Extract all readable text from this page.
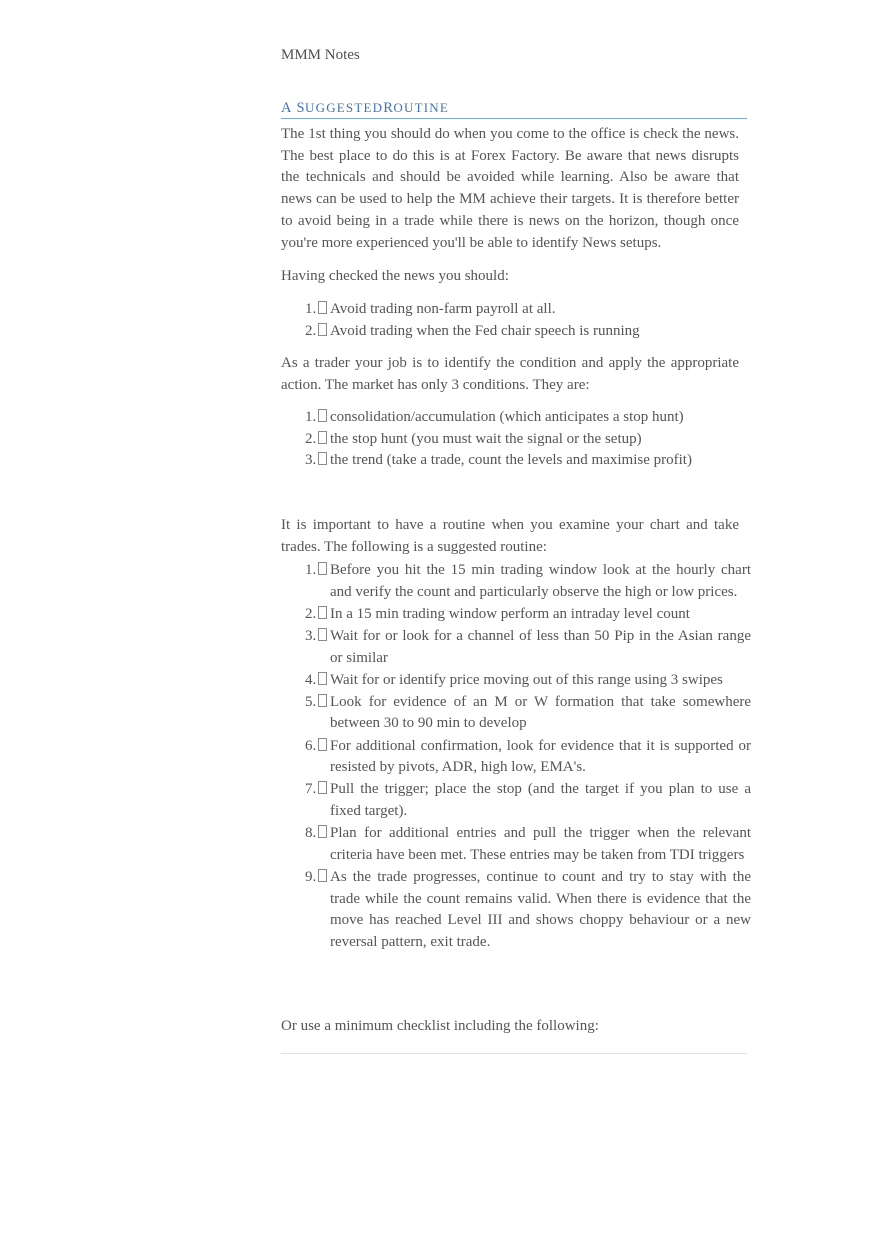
MMM Notes
A SUGGESTEDROUTINE

The 1st thing you should do when you come to the office is check the news. The best place to do this is at Forex Factory. Be aware that news disrupts the technicals and should be avoided while learning. Also be aware that news can be used to help the MM achieve their targets. It is therefore better to avoid being in a trade while there is news on the horizon, though once you're more experienced you'll be able to identify News setups.

Having checked the news you should:

1. Avoid trading non-farm payroll at all.
2. Avoid trading when the Fed chair speech is running

As a trader your job is to identify the condition and apply the appropriate action. The market has only 3 conditions. They are:

1. consolidation/accumulation (which anticipates a stop hunt)
2. the stop hunt (you must wait the signal or the setup)
3. the trend (take a trade, count the levels and maximise profit)

It is important to have a routine when you examine your chart and take trades. The following is a suggested routine:

1. Before you hit the 15 min trading window look at the hourly chart and verify the count and particularly observe the high or low prices.
2. In a 15 min trading window perform an intraday level count
3. Wait for or look for a channel of less than 50 Pip in the Asian range or similar
4. Wait for or identify price moving out of this range using 3 swipes
5. Look for evidence of an M or W formation that take somewhere between 30 to 90 min to develop
6. For additional confirmation, look for evidence that it is supported or resisted by pivots, ADR, high low, EMA's.
7. Pull the trigger; place the stop (and the target if you plan to use a fixed target).
8. Plan for additional entries and pull the trigger when the relevant criteria have been met. These entries may be taken from TDI triggers
9. As the trade progresses, continue to count and try to stay with the trade while the count remains valid. When there is evidence that the move has reached Level III and shows choppy behaviour or a new reversal pattern, exit trade.

Or use a minimum checklist including the following:
